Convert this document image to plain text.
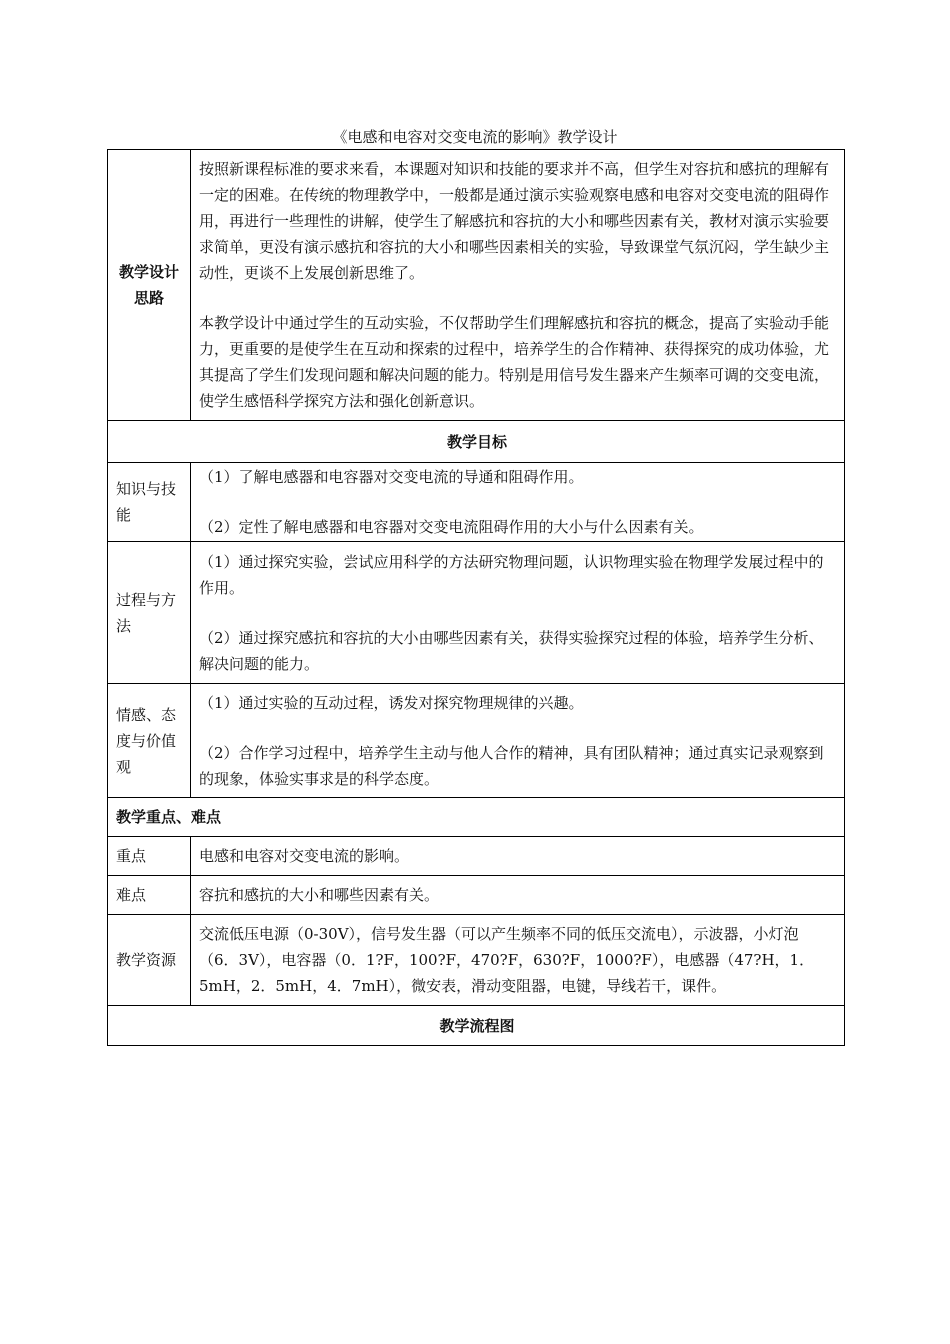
《电感和电容对交变电流的影响》教学设计
教学设计思路	按照新课程标准的要求来看，本课题对知识和技能的要求并不高，但学生对容抗和感抗的理解有一定的困难。在传统的物理教学中，一般都是通过演示实验观察电感和电容对交变电流的阻碍作用，再进行一些理性的讲解，使学生了解感抗和容抗的大小和哪些因素有关，教材对演示实验要求简单，更没有演示感抗和容抗的大小和哪些因素相关的实验，导致课堂气氛沉闷，学生缺少主动性，更谈不上发展创新思维了。

本教学设计中通过学生的互动实验，不仅帮助学生们理解感抗和容抗的概念，提高了实验动手能力，更重要的是使学生在互动和探索的过程中，培养学生的合作精神、获得探究的成功体验，尤其提高了学生们发现问题和解决问题的能力。特别是用信号发生器来产生频率可调的交变电流，使学生感悟科学探究方法和强化创新意识。

教学目标	
知识与技能	（1）了解电感器和电容器对交变电流的导通和阻碍作用。

（2）定性了解电感器和电容器对交变电流阻碍作用的大小与什么因素有关。

过程与方法	（1）通过探究实验，尝试应用科学的方法研究物理问题，认识物理实验在物理学发展过程中的作用。

（2）通过探究感抗和容抗的大小由哪些因素有关，获得实验探究过程的体验，培养学生分析、解决问题的能力。

情感、态度与价值观	（1）通过实验的互动过程，诱发对探究物理规律的兴趣。

（2）合作学习过程中，培养学生主动与他人合作的精神，具有团队精神；通过真实记录观察到的现象，体验实事求是的科学态度。

教学重点、难点	
重点	电感和电容对交变电流的影响。
难点	容抗和感抗的大小和哪些因素有关。
教学资源	交流低压电源（0-30V），信号发生器（可以产生频率不同的低压交流电），示波器，小灯泡（6．3V），电容器（0．1?F，100?F，470?F，630?F，1000?F），电感器（47?H，1．5mH，2．5mH，4．7mH），微安表，滑动变阻器，电键，导线若干，课件。
教学流程图	
